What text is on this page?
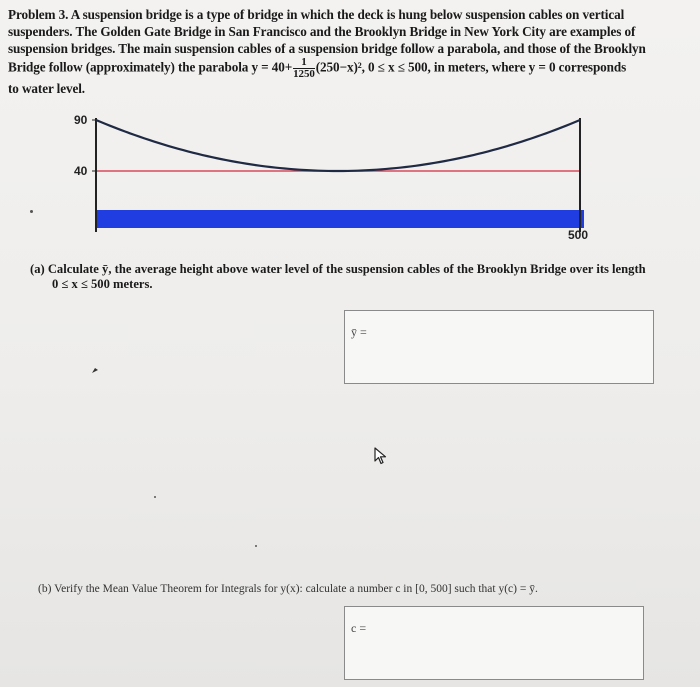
Problem 3. A suspension bridge is a type of bridge in which the deck is hung below suspension cables on vertical
suspenders. The Golden Gate Bridge in San Francisco and the Brooklyn Bridge in New York City are examples of
suspension bridges. The main suspension cables of a suspension bridge follow a parabola, and those of the Brooklyn
Bridge follow (approximately) the parabola $y = 40+ \frac{1}{1250} (250-x)^2$, 0 ≤ x ≤ 500, in meters, where y = 0 corresponds
to water level.
90
40
500
(a) Calculate ȳ, the average height above water level of the suspension cables of the Brooklyn Bridge over its length
0 ≤ x ≤ 500 meters.
ȳ =
(b) Verify the Mean Value Theorem for Integrals for y(x): calculate a number c in [0, 500] such that y(c) = ȳ.
c =
